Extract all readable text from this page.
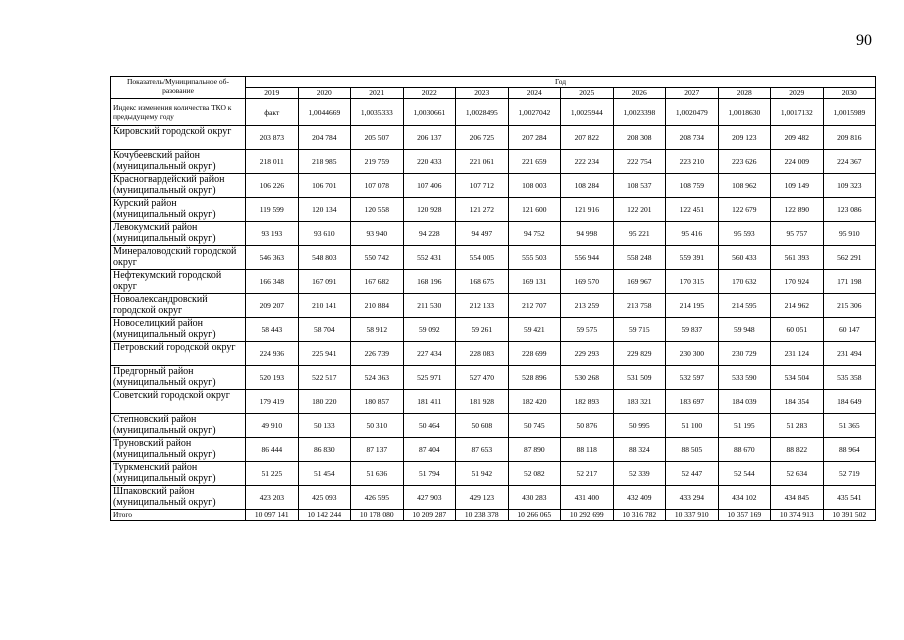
90
Показатель/Муниципальное об-разование	Год											
	2019	2020	2021	2022	2023	2024	2025	2026	2027	2028	2029	2030
Индекс изменения количества ТКО к предыдущему году	факт	1,0044669	1,0035333	1,0030661	1,0028495	1,0027042	1,0025944	1,0023398	1,0020479	1,0018630	1,0017132	1,0015989
Кировский городской округ	203 873	204 784	205 507	206 137	206 725	207 284	207 822	208 308	208 734	209 123	209 482	209 816
Кочубеевский район (муниципальный округ)	218 011	218 985	219 759	220 433	221 061	221 659	222 234	222 754	223 210	223 626	224 009	224 367
Красногвардейский район (муниципальный округ)	106 226	106 701	107 078	107 406	107 712	108 003	108 284	108 537	108 759	108 962	109 149	109 323
Курский район (муниципальный округ)	119 599	120 134	120 558	120 928	121 272	121 600	121 916	122 201	122 451	122 679	122 890	123 086
Левокумский район (муниципальный округ)	93 193	93 610	93 940	94 228	94 497	94 752	94 998	95 221	95 416	95 593	95 757	95 910
Минераловодский городской округ	546 363	548 803	550 742	552 431	554 005	555 503	556 944	558 248	559 391	560 433	561 393	562 291
Нефтекумский городской округ	166 348	167 091	167 682	168 196	168 675	169 131	169 570	169 967	170 315	170 632	170 924	171 198
Новоалександровский городской округ	209 207	210 141	210 884	211 530	212 133	212 707	213 259	213 758	214 195	214 595	214 962	215 306
Новоселицкий район (муниципальный округ)	58 443	58 704	58 912	59 092	59 261	59 421	59 575	59 715	59 837	59 948	60 051	60 147
Петровский городской округ	224 936	225 941	226 739	227 434	228 083	228 699	229 293	229 829	230 300	230 729	231 124	231 494
Предгорный район (муниципальный округ)	520 193	522 517	524 363	525 971	527 470	528 896	530 268	531 509	532 597	533 590	534 504	535 358
Советский городской округ	179 419	180 220	180 857	181 411	181 928	182 420	182 893	183 321	183 697	184 039	184 354	184 649
Степновский район (муниципальный округ)	49 910	50 133	50 310	50 464	50 608	50 745	50 876	50 995	51 100	51 195	51 283	51 365
Труновский район (муниципальный округ)	86 444	86 830	87 137	87 404	87 653	87 890	88 118	88 324	88 505	88 670	88 822	88 964
Туркменский район (муниципальный округ)	51 225	51 454	51 636	51 794	51 942	52 082	52 217	52 339	52 447	52 544	52 634	52 719
Шпаковский район (муниципальный округ)	423 203	425 093	426 595	427 903	429 123	430 283	431 400	432 409	433 294	434 102	434 845	435 541
Итого	10 097 141	10 142 244	10 178 080	10 209 287	10 238 378	10 266 065	10 292 699	10 316 782	10 337 910	10 357 169	10 374 913	10 391 502
